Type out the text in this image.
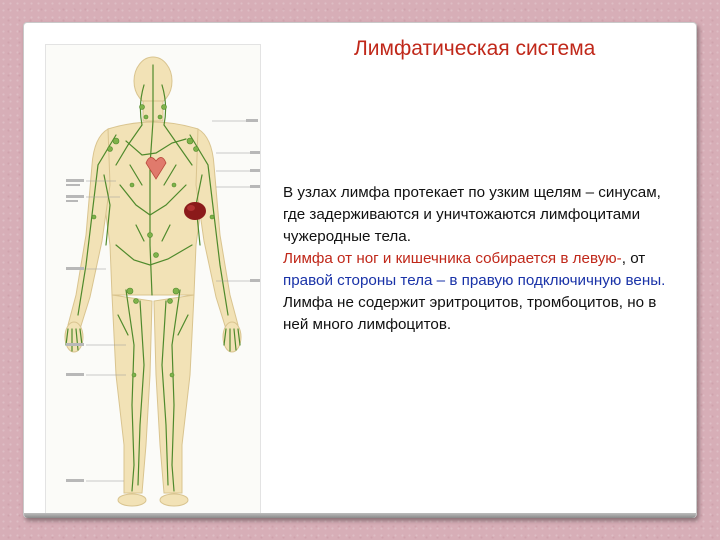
Лимфатическая система

В узлах лимфа протекает по узким щелям – синусам, где задерживаются и уничтожаются лимфоцитами чужеродные тела.

Лимфа от ног и кишечника собирается в левую-, от правой стороны тела – в правую подключичную вены.

Лимфа не содержит эритроцитов, тромбоцитов, но в ней много лимфоцитов.
